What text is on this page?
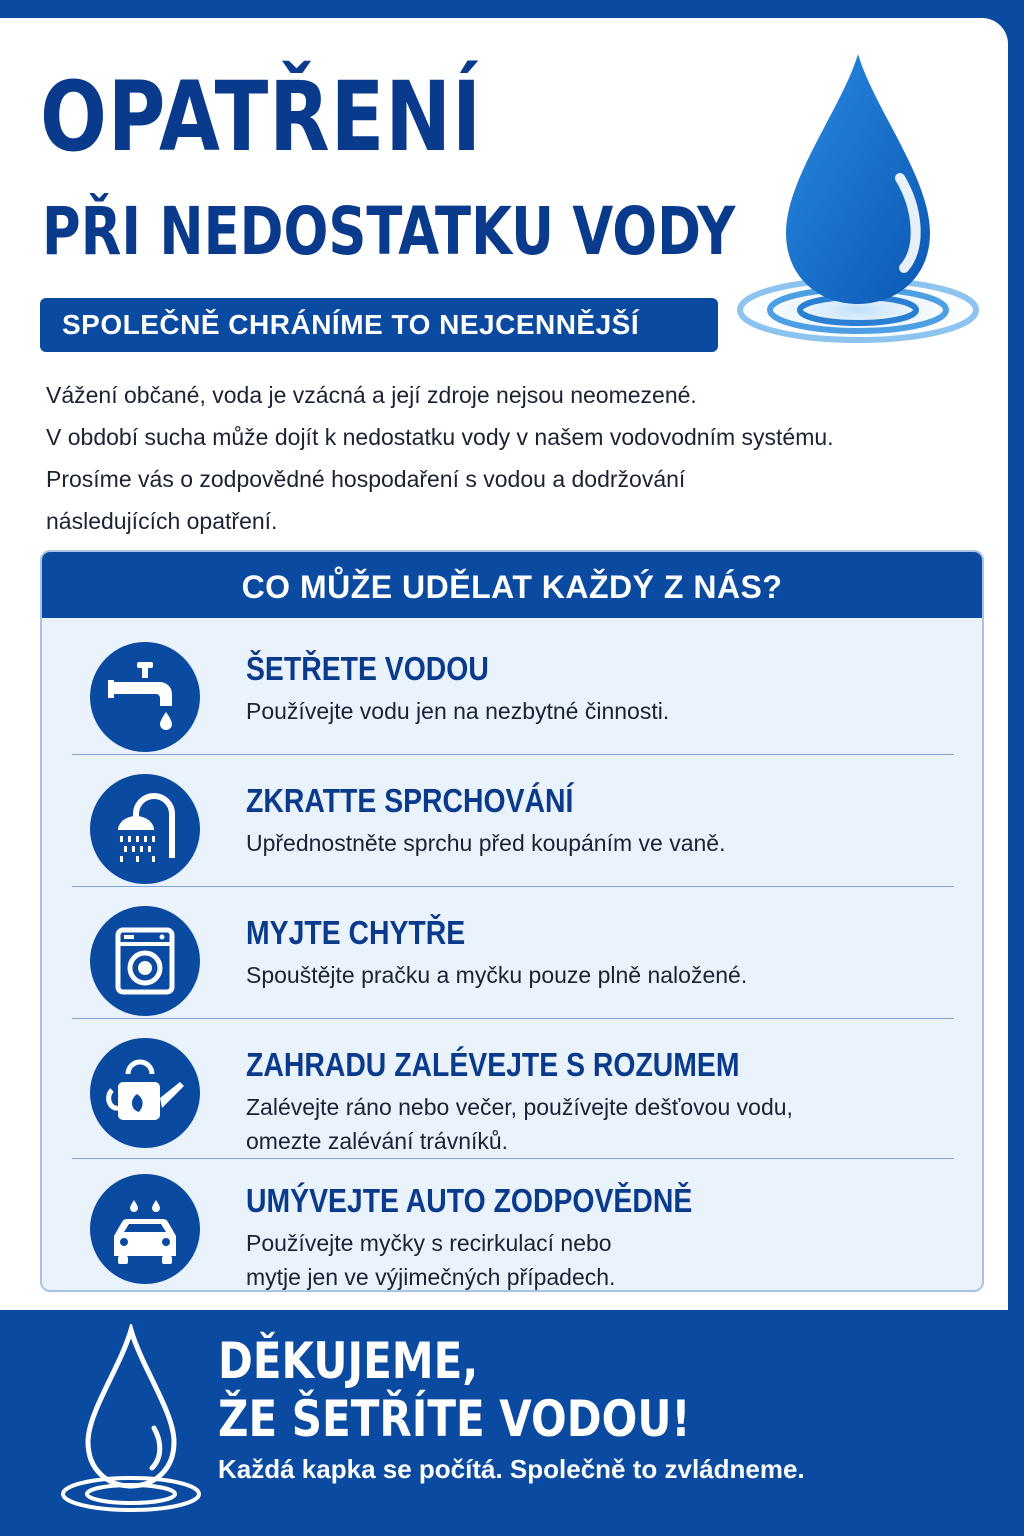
OPATŘENÍ
PŘI NEDOSTATKU VODY
SPOLEČNĚ CHRÁNÍME TO NEJCENNĚJŠÍ

Vážení občané, voda je vzácná a její zdroje nejsou neomezené.

V období sucha může dojít k nedostatku vody v našem vodovodním systému.

Prosíme vás o zodpovědné hospodaření s vodou a dodržování

následujících opatření.

CO MŮŽE UDĚLAT KAŽDÝ Z NÁS?
ŠETŘETE VODOU
Používejte vodu jen na nezbytné činnosti.
ZKRATTE SPRCHOVÁNÍ
Upřednostněte sprchu před koupáním ve vaně.
MYJTE CHYTŘE
Spouštějte pračku a myčku pouze plně naložené.
ZAHRADU ZALÉVEJTE S ROZUMEM
Zalévejte ráno nebo večer, používejte dešťovou vodu,
omezte zalévání trávníků.
UMÝVEJTE AUTO ZODPOVĚDNĚ
Používejte myčky s recirkulací nebo
mytje jen ve výjimečných případech.
DĚKUJEME,
ŽE ŠETŘÍTE VODOU!
Každá kapka se počítá. Společně to zvládneme.
